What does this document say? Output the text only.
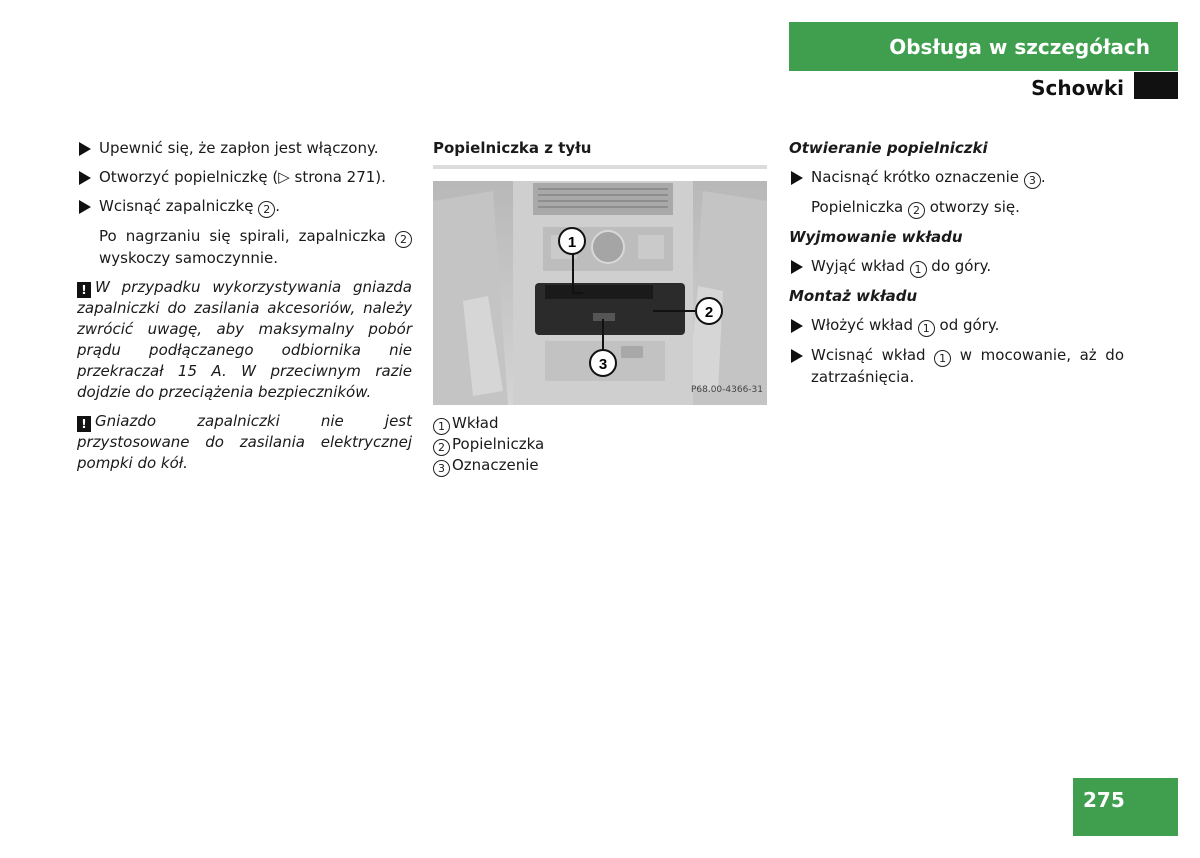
Obsługa w szczegółach
Schowki
Upewnić się, że zapłon jest włączony.
Otworzyć popielniczkę (▷ strona 271).
Wcisnąć zapalniczkę 2 .
Po nagrzaniu się spirali, zapalniczka 2 wyskoczy samoczynnie.
! W przypadku wykorzystywania gniazda zapalniczki do zasilania akcesoriów, należy zwrócić uwagę, aby maksymalny pobór prądu podłączanego odbiornika nie przekraczał 15 A. W przeciwnym razie dojdzie do przeciążenia bezpieczników.
! Gniazdo zapalniczki nie jest przystosowane do zasilania elektrycznej pompki do kół.
Popielniczka z tyłu
1
2
3
P68.00-4366-31
1 Wkład
2 Popielniczka
3 Oznaczenie
Otwieranie popielniczki
Nacisnąć krótko oznaczenie 3 .
Popielniczka 2 otworzy się.
Wyjmowanie wkładu
Wyjąć wkład 1 do góry.
Montaż wkładu
Włożyć wkład 1 od góry.
Wcisnąć wkład 1 w mocowanie, aż do zatrzaśnięcia.
275
